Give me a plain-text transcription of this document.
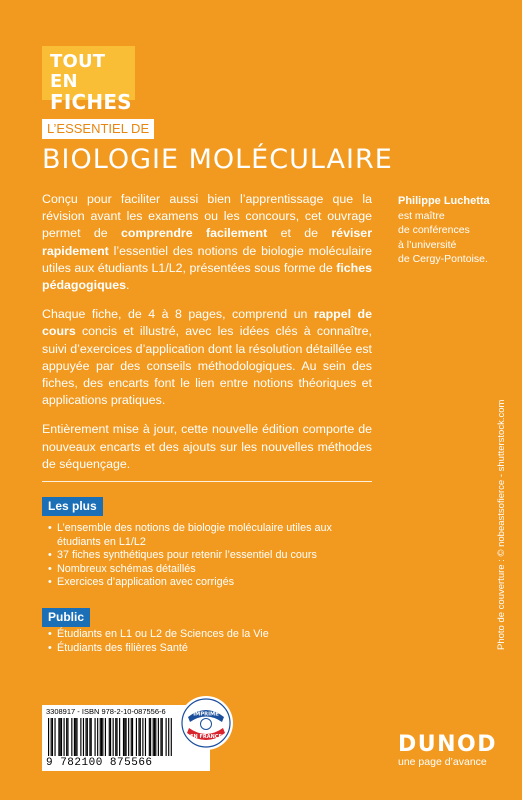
TOUT EN
FICHES
L’ESSENTIEL DE
BIOLOGIE MOLÉCULAIRE

Conçu pour faciliter aussi bien l’apprentissage que la révision avant les examens ou les concours, cet ouvrage permet de comprendre facilement et de réviser rapidement l’essentiel des notions de biologie moléculaire utiles aux étudiants L1/L2, présentées sous forme de fiches pédagogiques.

Chaque fiche, de 4 à 8 pages, comprend un rappel de cours concis et illustré, avec les idées clés à connaître, suivi d’exercices d’application dont la résolution détaillée est appuyée par des conseils méthodologiques. Au sein des fiches, des encarts font le lien entre notions théoriques et applications pratiques.

Entièrement mise à jour, cette nouvelle édition comporte de nouveaux encarts et des ajouts sur les nouvelles méthodes de séquençage.

Philippe Luchetta
est maître
de conférences
à l’université
de Cergy-Pontoise.
Les plus
• L’ensemble des notions de biologie moléculaire utiles aux étudiants en L1/L2
• 37 fiches synthétiques pour retenir l’essentiel du cours
• Nombreux schémas détaillés
• Exercices d’application avec corrigés
Public
• Étudiants en L1 ou L2 de Sciences de la Vie
• Étudiants des filières Santé	Photo de couverture : © nobeastsofierce - shutterstock.com
3308917 - ISBN 978-2-10-087556-6
9 782100 875566
IMPRIMÉ
EN FRANCE	DUNOD
une page d’avance
